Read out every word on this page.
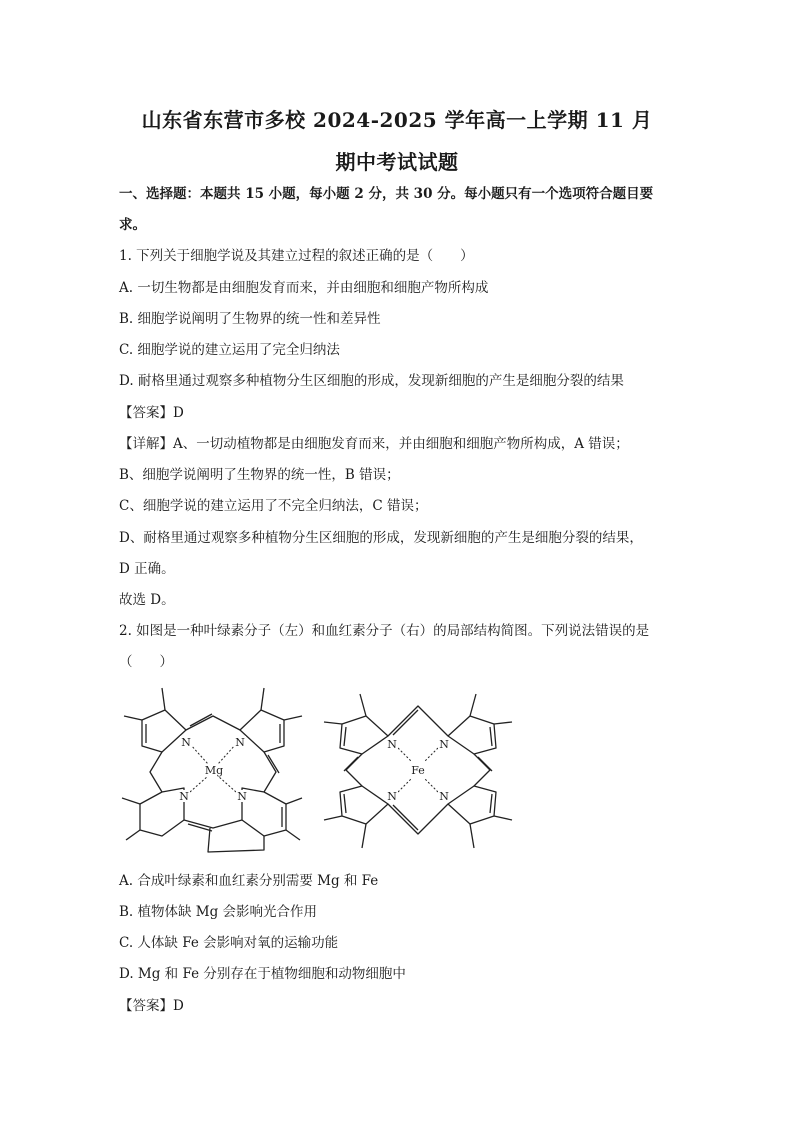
山东省东营市多校 2024-2025 学年高一上学期 11 月
期中考试试题
一、选择题：本题共 15 小题，每小题 2 分，共 30 分。每小题只有一个选项符合题目要
求。
1. 下列关于细胞学说及其建立过程的叙述正确的是（　　）
A. 一切生物都是由细胞发育而来，并由细胞和细胞产物所构成
B. 细胞学说阐明了生物界的统一性和差异性
C. 细胞学说的建立运用了完全归纳法
D. 耐格里通过观察多种植物分生区细胞的形成，发现新细胞的产生是细胞分裂的结果
【答案】D
【详解】A、一切动植物都是由细胞发育而来，并由细胞和细胞产物所构成，A 错误；
B、细胞学说阐明了生物界的统一性，B 错误；
C、细胞学说的建立运用了不完全归纳法，C 错误；
D、耐格里通过观察多种植物分生区细胞的形成，发现新细胞的产生是细胞分裂的结果，
D 正确。
故选 D。
2. 如图是一种叶绿素分子（左）和血红素分子（右）的局部结构简图。下列说法错误的是
（　　）
N	N
N	N
Mg
N	N
N	N
Fe
A. 合成叶绿素和血红素分别需要 Mg 和 Fe
B. 植物体缺 Mg 会影响光合作用
C. 人体缺 Fe 会影响对氧的运输功能
D. Mg 和 Fe 分别存在于植物细胞和动物细胞中
【答案】D
